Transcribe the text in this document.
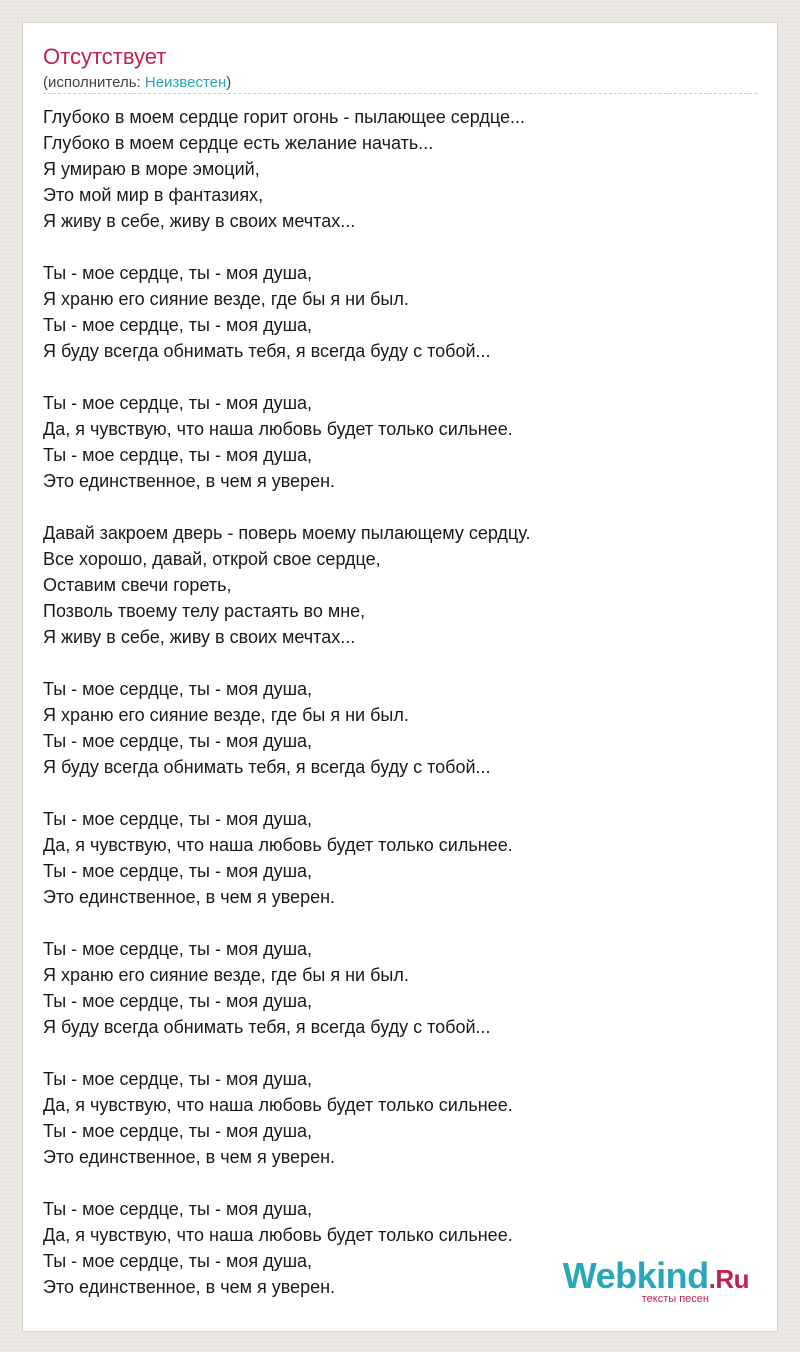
Отсутствует
(исполнитель: Неизвестен)

Глубоко в моем сердце горит огонь - пылающее сердце...
Глубоко в моем сердце есть желание начать...
Я умираю в море эмоций,
Это мой мир в фантазиях,
Я живу в себе, живу в своих мечтах...

Ты - мое сердце, ты - моя душа,
Я храню его сияние везде, где бы я ни был.
Ты - мое сердце, ты - моя душа,
Я буду всегда обнимать тебя, я всегда буду с тобой...

Ты - мое сердце, ты - моя душа,
Да, я чувствую, что наша любовь будет только сильнее.
Ты - мое сердце, ты - моя душа,
Это единственное, в чем я уверен.

Давай закроем дверь - поверь моему пылающему сердцу.
Все хорошо, давай, открой свое сердце,
Оставим свечи гореть,
Позволь твоему телу растаять во мне,
Я живу в себе, живу в своих мечтах...

Ты - мое сердце, ты - моя душа,
Я храню его сияние везде, где бы я ни был.
Ты - мое сердце, ты - моя душа,
Я буду всегда обнимать тебя, я всегда буду с тобой...

Ты - мое сердце, ты - моя душа,
Да, я чувствую, что наша любовь будет только сильнее.
Ты - мое сердце, ты - моя душа,
Это единственное, в чем я уверен.

Ты - мое сердце, ты - моя душа,
Я храню его сияние везде, где бы я ни был.
Ты - мое сердце, ты - моя душа,
Я буду всегда обнимать тебя, я всегда буду с тобой...

Ты - мое сердце, ты - моя душа,
Да, я чувствую, что наша любовь будет только сильнее.
Ты - мое сердце, ты - моя душа,
Это единственное, в чем я уверен.

Ты - мое сердце, ты - моя душа,
Да, я чувствую, что наша любовь будет только сильнее.
Ты - мое сердце, ты - моя душа,
Это единственное, в чем я уверен.	Webkind.Ru
тексты песен
